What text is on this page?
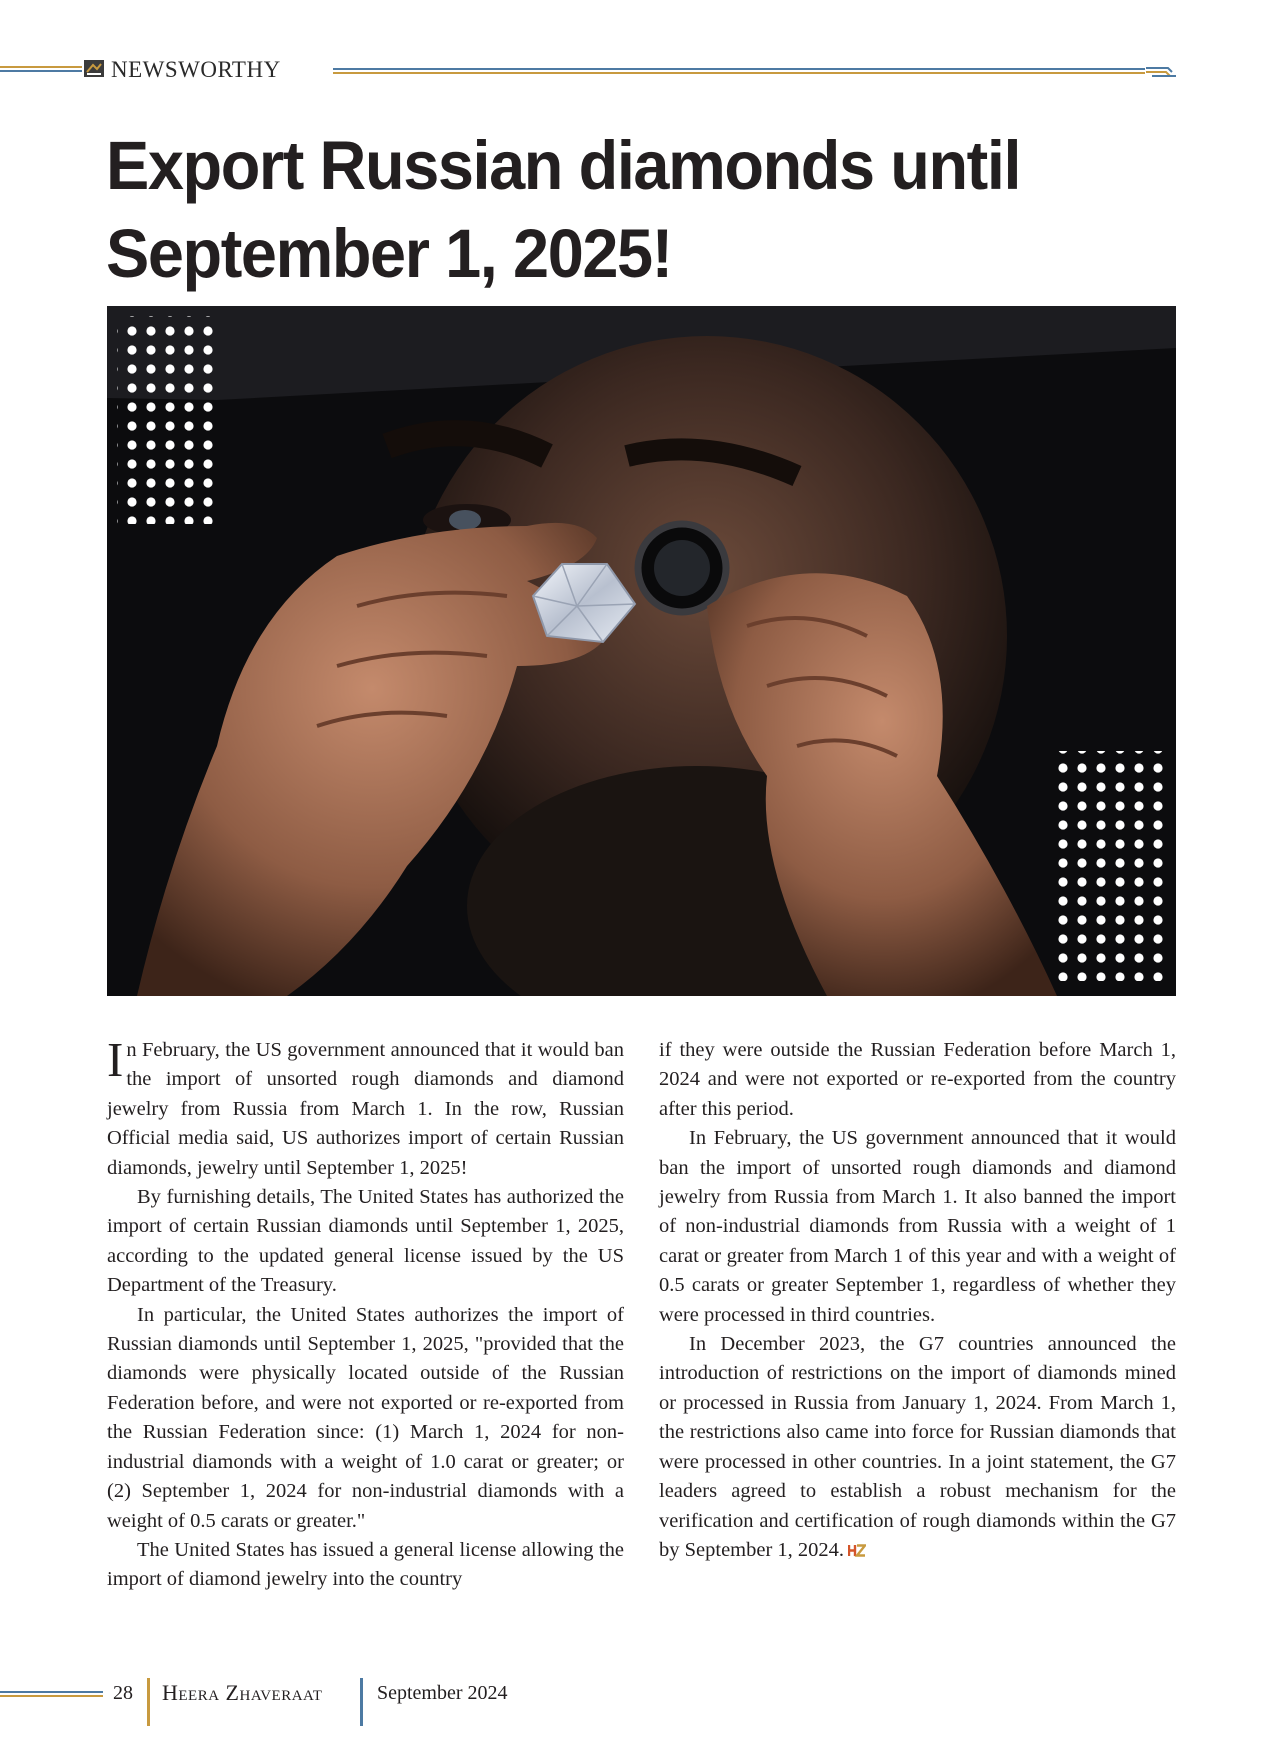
NEWSWORTHY
Export Russian diamonds until September 1, 2025!

In February, the US government announced that it would ban the import of unsorted rough diamonds and diamond jewelry from Russia from March 1. In the row, Russian Official media said, US authorizes import of certain Russian diamonds, jewelry until September 1, 2025!

By furnishing details, The United States has authorized the import of certain Russian diamonds until September 1, 2025, according to the updated general license issued by the US Department of the Treasury.

In particular, the United States authorizes the import of Russian diamonds until September 1, 2025, "provided that the diamonds were physically located outside of the Russian Federation before, and were not exported or re-exported from the Russian Federation since: (1) March 1, 2024 for non-industrial diamonds with a weight of 1.0 carat or greater; or (2) September 1, 2024 for non-industrial diamonds with a weight of 0.5 carats or greater."

The United States has issued a general license allowing the import of diamond jewelry into the country

if they were outside the Russian Federation before March 1, 2024 and were not exported or re-exported from the country after this period.

In February, the US government announced that it would ban the import of unsorted rough diamonds and diamond jewelry from Russia from March 1. It also banned the import of non-industrial diamonds from Russia with a weight of 1 carat or greater from March 1 of this year and with a weight of 0.5 carats or greater September 1, regardless of whether they were processed in third countries.

In December 2023, the G7 countries announced the introduction of restrictions on the import of diamonds mined or processed in Russia from January 1, 2024. From March 1, the restrictions also came into force for Russian diamonds that were processed in other countries. In a joint statement, the G7 leaders agreed to establish a robust mechanism for the verification and certification of rough diamonds within the G7 by September 1, 2024.

28 Heera Zhaveraat	September 2024
